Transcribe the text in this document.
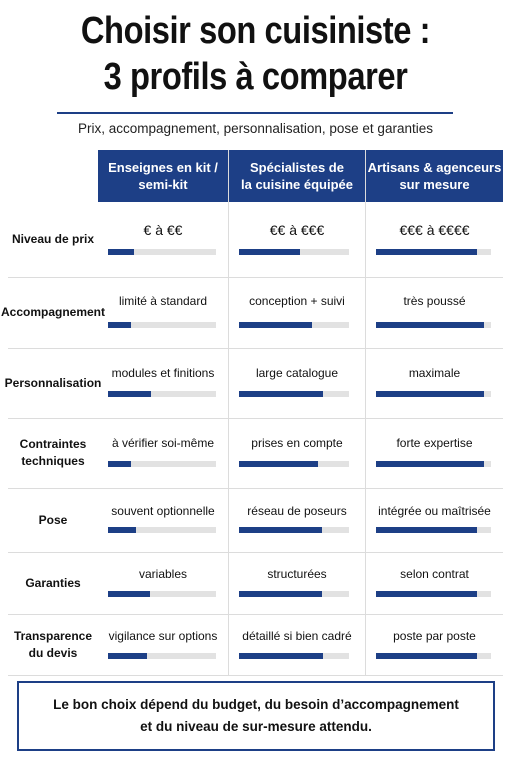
Choisir son cuisiniste :
3 profils à comparer
Prix, accompagnement, personnalisation, pose et garanties
Enseignes en kit /
semi-kit
Spécialistes de
la cuisine équipée
Artisans & agenceurs
sur mesure
Niveau de prix
€ à €€	€€ à €€€	€€€ à €€€€
Accompagnement
limité à standard	conception + suivi	très poussé
Personnalisation
modules et finitions	large catalogue	maximale
Contraintes
techniques
à vérifier soi-même	prises en compte	forte expertise
Pose
souvent optionnelle	réseau de poseurs	intégrée ou maîtrisée
Garanties
variables	structurées	selon contrat
Transparence
du devis
vigilance sur options	détaillé si bien cadré	poste par poste
Le bon choix dépend du budget, du besoin d’accompagnement
et du niveau de sur-mesure attendu.
